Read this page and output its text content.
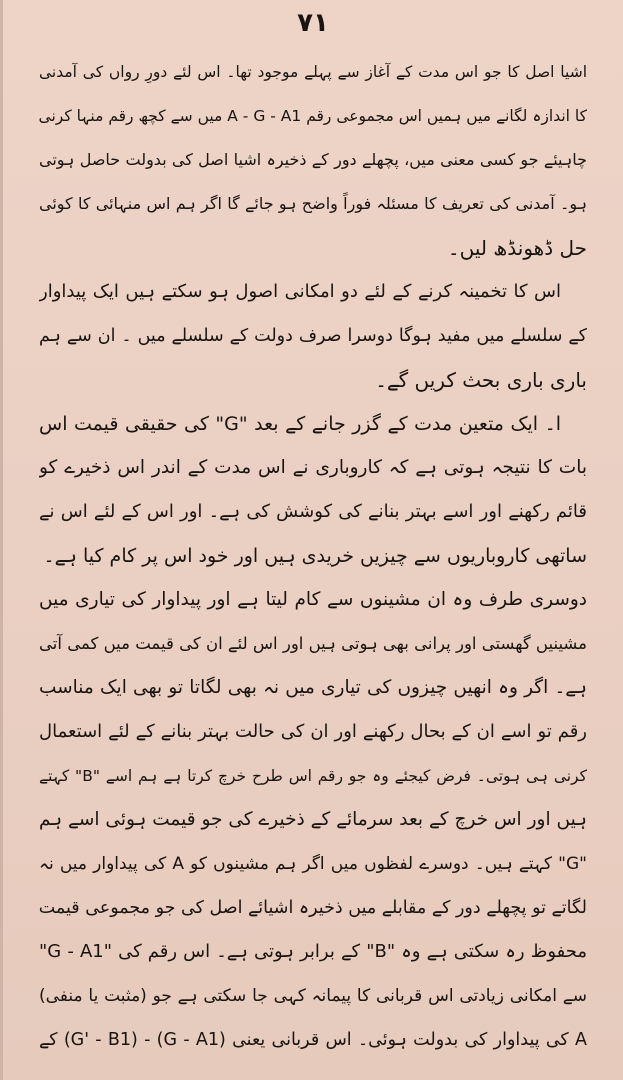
۷۱
اشیا اصل کا جو اس مدت کے آغاز سے پہلے موجود تھا۔ اس لئے دورِ رواں کی آمدنی
کا اندازہ لگانے میں ہمیں اس مجموعی رقم A - G - A1 میں سے کچھ رقم منہا کرنی
چاہیئے جو کسی معنی میں، پچھلے دور کے ذخیرہ اشیا اصل کی بدولت حاصل ہوتی
ہو۔ آمدنی کی تعریف کا مسئلہ فوراً واضح ہو جائے گا اگر ہم اس منہائی کا کوئی
حل ڈھونڈھ لیں۔
اس کا تخمینہ کرنے کے لئے دو امکانی اصول ہو سکتے ہیں ایک پیداوار
کے سلسلے میں مفید ہوگا دوسرا صرف دولت کے سلسلے میں ۔ ان سے ہم
باری باری بحث کریں گے۔
ا۔ ایک متعین مدت کے گزر جانے کے بعد "G" کی حقیقی قیمت اس
بات کا نتیجہ ہوتی ہے کہ کاروباری نے اس مدت کے اندر اس ذخیرے کو
قائم رکھنے اور اسے بہتر بنانے کی کوشش کی ہے۔ اور اس کے لئے اس نے
ساتھی کاروباریوں سے چیزیں خریدی ہیں اور خود اس پر کام کیا ہے۔
دوسری طرف وہ ان مشینوں سے کام لیتا ہے اور پیداوار کی تیاری میں
مشینیں گھستی اور پرانی بھی ہوتی ہیں اور اس لئے ان کی قیمت میں کمی آتی
ہے۔ اگر وہ انھیں چیزوں کی تیاری میں نہ بھی لگاتا تو بھی ایک مناسب
رقم تو اسے ان کے بحال رکھنے اور ان کی حالت بہتر بنانے کے لئے استعمال
کرنی ہی ہوتی۔ فرض کیجئے وہ جو رقم اس طرح خرچ کرتا ہے ہم اسے "B" کہتے
ہیں اور اس خرچ کے بعد سرمائے کے ذخیرے کی جو قیمت ہوئی اسے ہم
"G" کہتے ہیں۔ دوسرے لفظوں میں اگر ہم مشینوں کو A کی پیداوار میں نہ
لگاتے تو پچھلے دور کے مقابلے میں ذخیرہ اشیائے اصل کی جو مجموعی قیمت
محفوظ رہ سکتی ہے وہ "B" کے برابر ہوتی ہے۔ اس رقم کی "G - A1"
سے امکانی زیادتی اس قربانی کا پیمانہ کہی جا سکتی ہے جو (مثبت یا منفی)
A کی پیداوار کی بدولت ہوئی۔ اس قربانی یعنی (G - A1) - (G' - B1) کے
